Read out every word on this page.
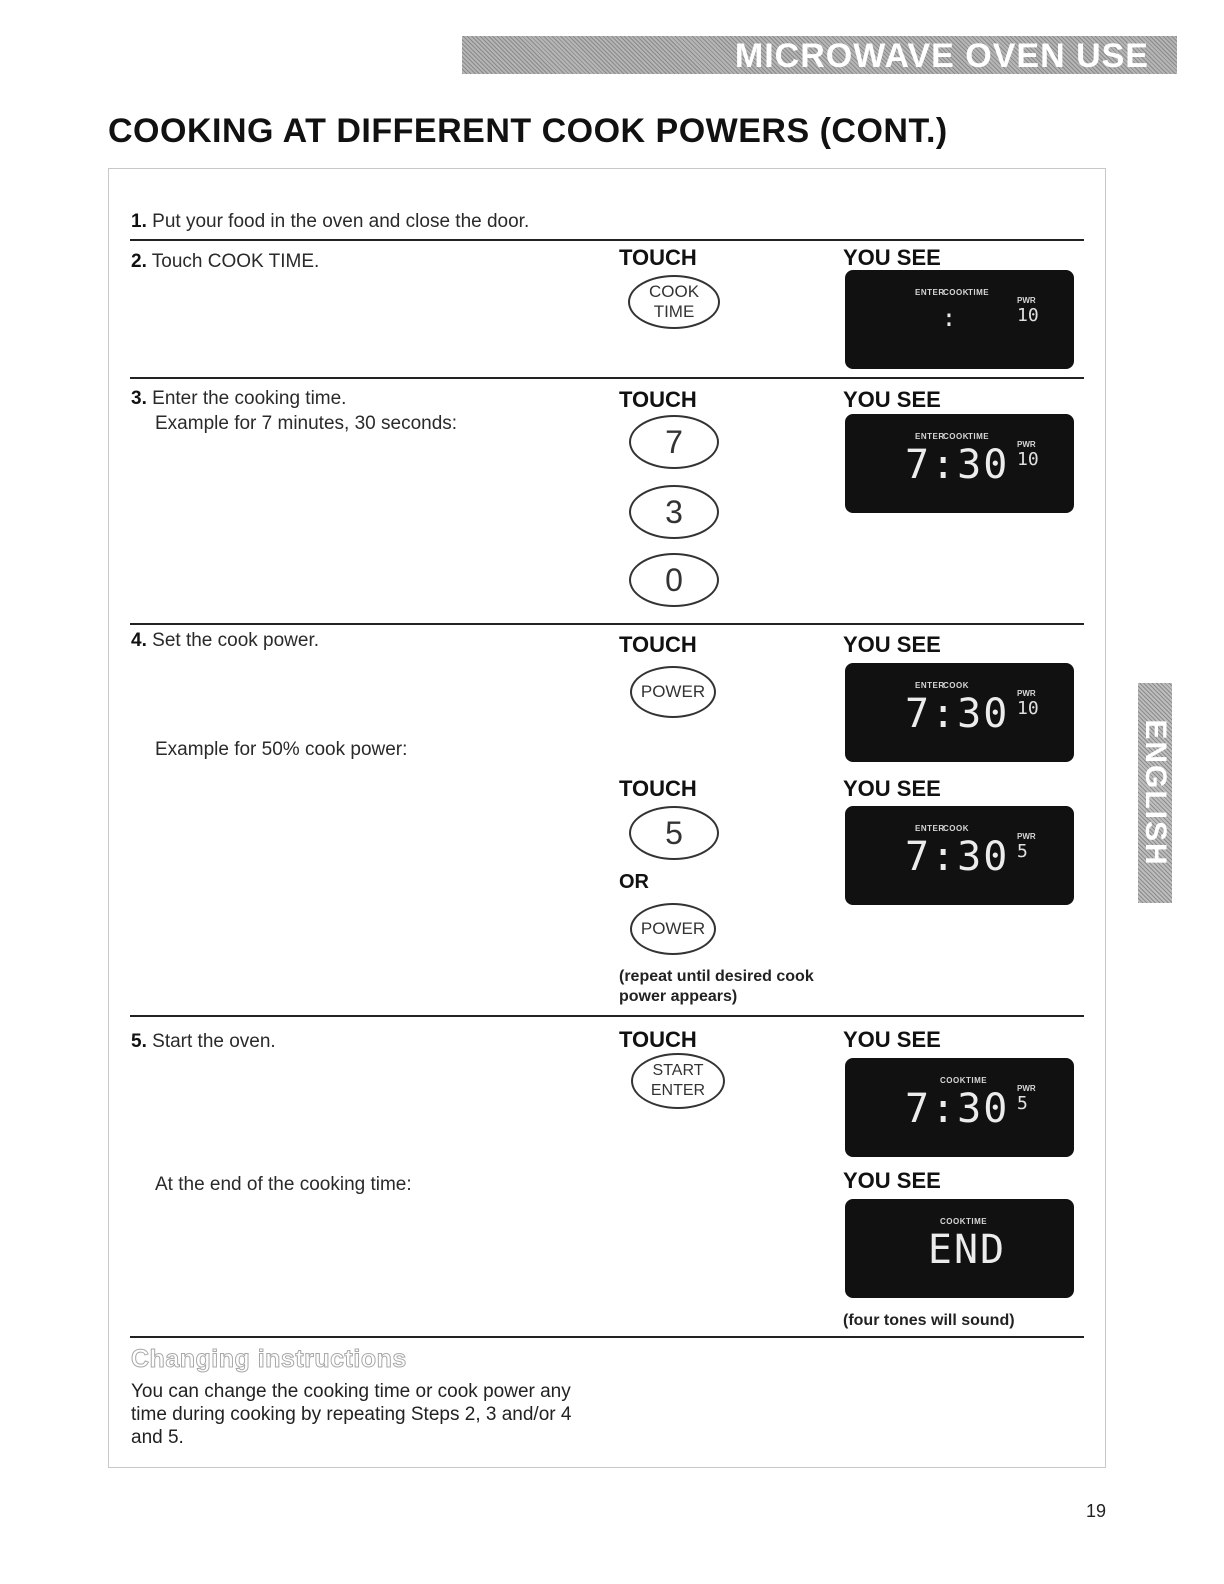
MICROWAVE OVEN USE
COOKING AT DIFFERENT COOK POWERS (CONT.)
ENGLISH
1. Put your food in the oven and close the door.
2. Touch COOK TIME.	TOUCH	YOU SEE
COOK
TIME
ENTER
COOK TIME
PWR
10
:
3. Enter the cooking time.
Example for 7 minutes, 30 seconds:
TOUCH	YOU SEE
7
3
0
ENTER
COOK TIME
PWR
10
7:30
4. Set the cook power.	TOUCH	YOU SEE
POWER	ENTER
COOK
PWR
10
7:30
Example for 50% cook power:
TOUCH	YOU SEE
5	ENTER
COOK
PWR
5
7:30
OR
POWER
(repeat until desired cook power appears)
5. Start the oven.	TOUCH	YOU SEE
START
ENTER
COOK TIME
PWR
5
7:30
At the end of the cooking time:	YOU SEE
COOK TIME
END
(four tones will sound)
Changing instructions
You can change the cooking time or cook power any time during cooking by repeating Steps 2, 3 and/or 4 and 5.
19
